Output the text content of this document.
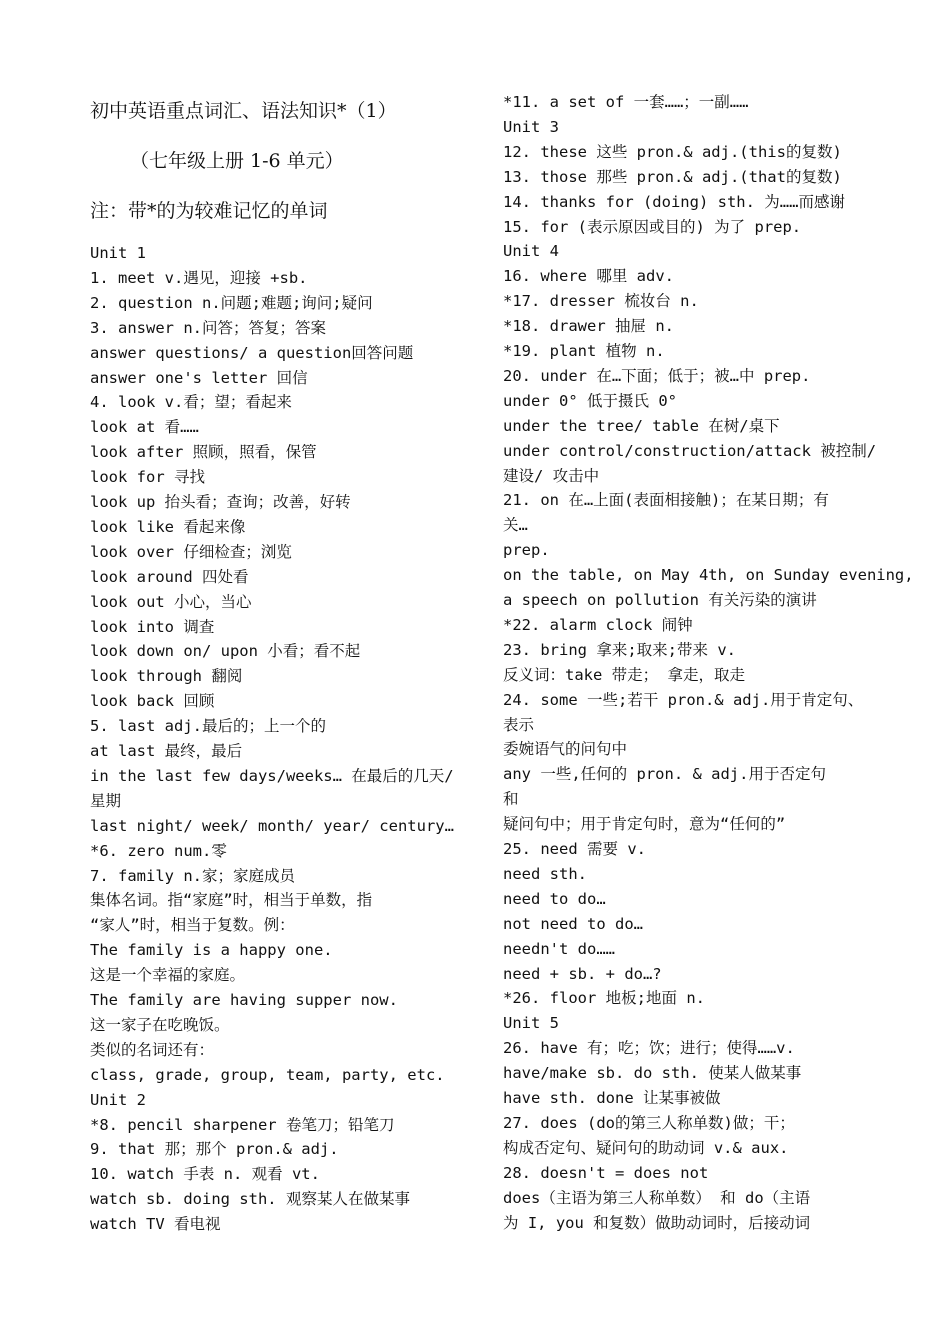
初中英语重点词汇、语法知识*（1）
（七年级上册 1-6 单元）
注：带*的为较难记忆的单词
Unit 1
1. meet v.遇见，迎接 +sb.
2. question n.问题;难题;询问;疑问
3. answer n.问答；答复；答案
answer questions/ a question回答问题
answer one's letter 回信
4. look v.看；望；看起来
look at 看……
look after 照顾，照看，保管
look for 寻找
look up 抬头看；查询；改善，好转
look like 看起来像
look over 仔细检查；浏览
look around 四处看
look out 小心，当心
look into 调查
look down on/ upon 小看；看不起
look through 翻阅
look back 回顾
5. last adj.最后的；上一个的
at last 最终，最后
in the last few days/weeks… 在最后的几天/
星期
last night/ week/ month/ year/ century…
*6. zero num.零
7. family n.家；家庭成员
集体名词。指“家庭”时，相当于单数，指
“家人”时，相当于复数。例：
The family is a happy one.
这是一个幸福的家庭。
The family are having supper now.
这一家子在吃晚饭。
类似的名词还有：
class, grade, group, team, party, etc.
Unit 2
*8. pencil sharpener 卷笔刀；铅笔刀
9. that 那；那个 pron.& adj.
10. watch 手表 n. 观看 vt.
watch sb. doing sth. 观察某人在做某事
watch TV 看电视
*11. a set of 一套……；一副……
Unit 3
12. these 这些 pron.& adj.(this的复数)
13. those 那些 pron.& adj.(that的复数)
14. thanks for (doing) sth. 为……而感谢
15. for (表示原因或目的) 为了 prep.
Unit 4
16. where 哪里 adv.
*17. dresser 梳妆台 n.
*18. drawer 抽屉 n.
*19. plant 植物 n.
20. under 在…下面；低于；被…中 prep.
under 0° 低于摄氏 0°
under the tree/ table 在树/桌下
under control/construction/attack 被控制/
建设/ 攻击中
21. on 在…上面(表面相接触)；在某日期；有
关…
prep.
on the table, on May 4th, on Sunday evening,
a speech on pollution 有关污染的演讲
*22. alarm clock 闹钟
23. bring 拿来;取来;带来 v.
反义词：take 带走； 拿走，取走
24. some 一些;若干 pron.& adj.用于肯定句、
表示
委婉语气的问句中
any 一些,任何的 pron. & adj.用于否定句
和
疑问句中；用于肯定句时，意为“任何的”
25. need 需要 v.
need sth.
need to do…
not need to do…
needn't do……
need + sb. + do…?
*26. floor 地板;地面 n.
Unit 5
26. have 有；吃；饮；进行；使得……v.
have/make sb. do sth. 使某人做某事
have sth. done 让某事被做
27. does (do的第三人称单数)做；干；
构成否定句、疑问句的助动词 v.& aux.
28. doesn't = does not
does（主语为第三人称单数） 和 do（主语
为 I, you 和复数）做助动词时，后接动词
